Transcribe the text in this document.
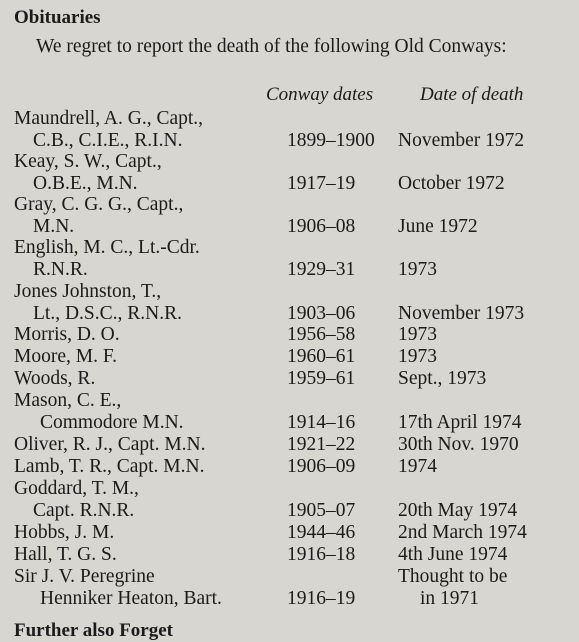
Obituaries
We regret to report the death of the following Old Conways:
Conway dates Date of death
Maundrell, A. G., Capt.,
C.B., C.I.E., R.I.N.	1899–1900 November 1972
Keay, S. W., Capt.,
O.B.E., M.N.	1917–19 October 1972
Gray, C. G. G., Capt.,
M.N.	1906–08 June 1972
English, M. C., Lt.-Cdr.
R.N.R.	1929–31 1973
Jones Johnston, T.,
Lt., D.S.C., R.N.R.	1903–06 November 1973
Morris, D. O.	1956–58 1973
Moore, M. F.	1960–61 1973
Woods, R.	1959–61 Sept., 1973
Mason, C. E.,
Commodore M.N.	1914–16 17th April 1974
Oliver, R. J., Capt. M.N.	1921–22 30th Nov. 1970
Lamb, T. R., Capt. M.N.	1906–09 1974
Goddard, T. M.,
Capt. R.N.R.	1905–07 20th May 1974
Hobbs, J. M.	1944–46 2nd March 1974
Hall, T. G. S.	1916–18 4th June 1974
Sir J. V. Peregrine
Henniker Heaton, Bart.	1916–19
Thought to be
in 1971
Further also Forget
